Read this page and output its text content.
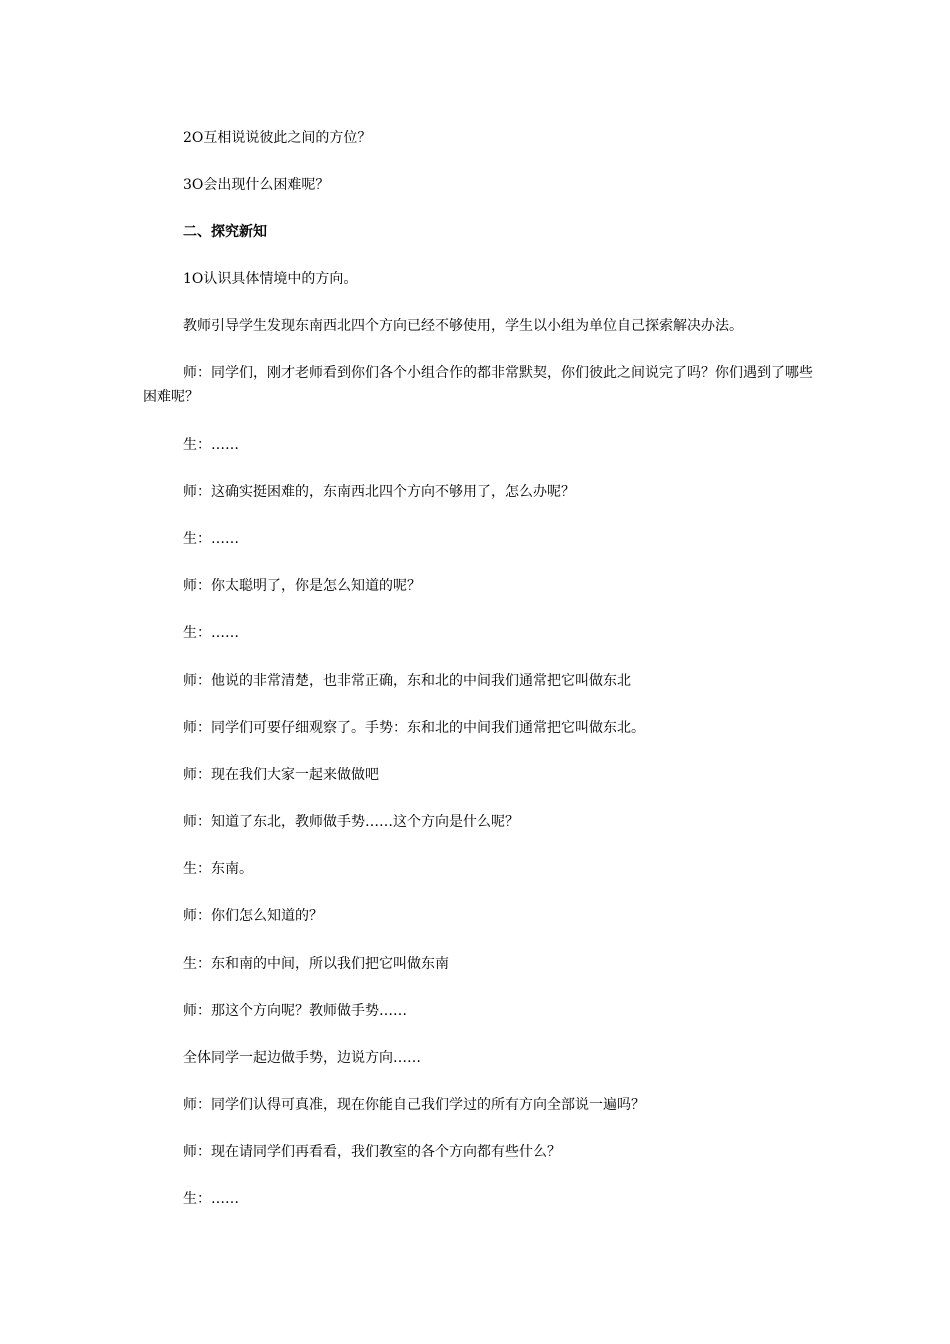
2O互相说说彼此之间的方位？

3O会出现什么困难呢？

二、探究新知

1O认识具体情境中的方向。

教师引导学生发现东南西北四个方向已经不够使用，学生以小组为单位自己探索解决办法。

师：同学们，刚才老师看到你们各个小组合作的都非常默契，你们彼此之间说完了吗？你们遇到了哪些困难呢？

生：……

师：这确实挺困难的，东南西北四个方向不够用了，怎么办呢？

生：……

师：你太聪明了，你是怎么知道的呢？

生：……

师：他说的非常清楚，也非常正确，东和北的中间我们通常把它叫做东北

师：同学们可要仔细观察了。手势：东和北的中间我们通常把它叫做东北。

师：现在我们大家一起来做做吧

师：知道了东北，教师做手势……这个方向是什么呢？

生：东南。

师：你们怎么知道的？

生：东和南的中间，所以我们把它叫做东南

师：那这个方向呢？教师做手势……

全体同学一起边做手势，边说方向……

师：同学们认得可真准，现在你能自己我们学过的所有方向全部说一遍吗？

师：现在请同学们再看看，我们教室的各个方向都有些什么？

生：……
